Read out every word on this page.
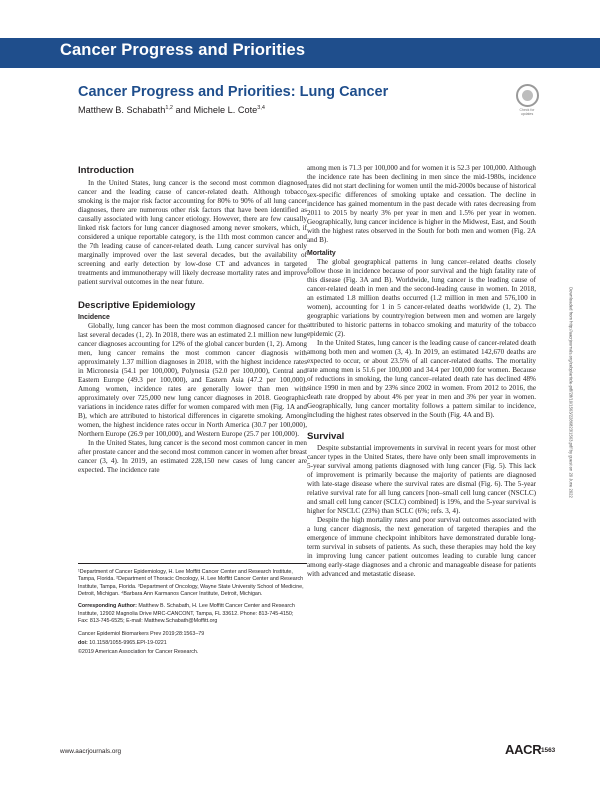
Cancer Progress and Priorities
Cancer Progress and Priorities: Lung Cancer
Matthew B. Schabath$^{1,2}$ and Michele L. Cote$^{3,4}$	Check for
updates
Downloaded from http://aacrjournals.org/cebp/article-pdf/28/10/1563/2286823/1563.pdf by guest on 20 June 2022
Introduction

In the United States, lung cancer is the second most common diagnosed cancer and the leading cause of cancer-related death. Although tobacco smoking is the major risk factor accounting for 80% to 90% of all lung cancer diagnoses, there are numerous other risk factors that have been identified as causally associated with lung cancer etiology. However, there are few causally linked risk factors for lung cancer diagnosed among never smokers, which, if considered a unique reportable category, is the 11th most common cancer and the 7th leading cause of cancer-related death. Lung cancer survival has only marginally improved over the last several decades, but the availability of screening and early detection by low-dose CT and advances in targeted treatments and immunotherapy will likely decrease mortality rates and improve patient survival outcomes in the near future.

Descriptive Epidemiology
Incidence

Globally, lung cancer has been the most common diagnosed cancer for the last several decades (1, 2). In 2018, there was an estimated 2.1 million new lung cancer diagnoses accounting for 12% of the global cancer burden (1, 2). Among men, lung cancer remains the most common cancer diagnosis with approximately 1.37 million diagnoses in 2018, with the highest incidence rates in Micronesia (54.1 per 100,000), Polynesia (52.0 per 100,000), Central and Eastern Europe (49.3 per 100,000), and Eastern Asia (47.2 per 100,000). Among women, incidence rates are generally lower than men with approximately over 725,000 new lung cancer diagnoses in 2018. Geographic variations in incidence rates differ for women compared with men (Fig. 1A and B), which are attributed to historical differences in cigarette smoking. Among women, the highest incidence rates occur in North America (30.7 per 100,000), Northern Europe (26.9 per 100,000), and Western Europe (25.7 per 100,000).

In the United States, lung cancer is the second most common cancer in men after prostate cancer and the second most common cancer in women after breast cancer (3, 4). In 2019, an estimated 228,150 new cases of lung cancer are expected. The incidence rate

¹Department of Cancer Epidemiology, H. Lee Moffitt Cancer Center and Research Institute, Tampa, Florida. ²Department of Thoracic Oncology, H. Lee Moffitt Cancer Center and Research Institute, Tampa, Florida. ³Department of Oncology, Wayne State University School of Medicine, Detroit, Michigan. ⁴Barbara Ann Karmanos Cancer Institute, Detroit, Michigan.

Corresponding Author: Matthew B. Schabath, H. Lee Moffitt Cancer Center and Research Institute, 12902 Magnolia Drive MRC-CANCONT, Tampa, FL 33612. Phone: 813-745-4150; Fax: 813-745-6525; E-mail: Matthew.Schabath@Moffitt.org

Cancer Epidemiol Biomarkers Prev 2019;28:1563–79

doi: 10.1158/1055-9965.EPI-19-0221

©2019 American Association for Cancer Research.

among men is 71.3 per 100,000 and for women it is 52.3 per 100,000. Although the incidence rate has been declining in men since the mid-1980s, incidence rates did not start declining for women until the mid-2000s because of historical sex-specific differences of smoking uptake and cessation. The decline in incidence has gained momentum in the past decade with rates decreasing from 2011 to 2015 by nearly 3% per year in men and 1.5% per year in women. Geographically, lung cancer incidence is higher in the Midwest, East, and South with the highest rates observed in the South for both men and women (Fig. 2A and B).

Mortality

The global geographical patterns in lung cancer–related deaths closely follow those in incidence because of poor survival and the high fatality rate of this disease (Fig. 3A and B). Worldwide, lung cancer is the leading cause of cancer-related death in men and the second-leading cause in women. In 2018, an estimated 1.8 million deaths occurred (1.2 million in men and 576,100 in women), accounting for 1 in 5 cancer-related deaths worldwide (1, 2). The geographic variations by country/region between men and women are largely attributed to historic patterns in tobacco smoking and maturity of the tobacco epidemic (2).

In the United States, lung cancer is the leading cause of cancer-related death among both men and women (3, 4). In 2019, an estimated 142,670 deaths are expected to occur, or about 23.5% of all cancer-related deaths. The mortality rate among men is 51.6 per 100,000 and 34.4 per 100,000 for women. Because of reductions in smoking, the lung cancer–related death rate has declined 48% since 1990 in men and by 23% since 2002 in women. From 2012 to 2016, the death rate dropped by about 4% per year in men and 3% per year in women. Geographically, lung cancer mortality follows a pattern similar to incidence, including the highest rates observed in the South (Fig. 4A and B).

Survival

Despite substantial improvements in survival in recent years for most other cancer types in the United States, there have only been small improvements in 5-year survival among patients diagnosed with lung cancer (Fig. 5). This lack of improvement is primarily because the majority of patients are diagnosed with late-stage disease where the survival rates are dismal (Fig. 6). The 5-year relative survival rate for all lung cancers [non–small cell lung cancer (NSCLC) and small cell lung cancer (SCLC) combined] is 19%, and the 5-year survival is higher for NSCLC (23%) than SCLC (6%; refs. 3, 4).

Despite the high mortality rates and poor survival outcomes associated with a lung cancer diagnosis, the next generation of targeted therapies and the emergence of immune checkpoint inhibitors have demonstrated durable long-term survival in subsets of patients. As such, these therapies may hold the key in improving lung cancer patient outcomes leading to curable lung cancer among early-stage diagnoses and a chronic and manageable disease for patients with advanced and metastatic disease.

www.aacrjournals.org	AACR 1563
